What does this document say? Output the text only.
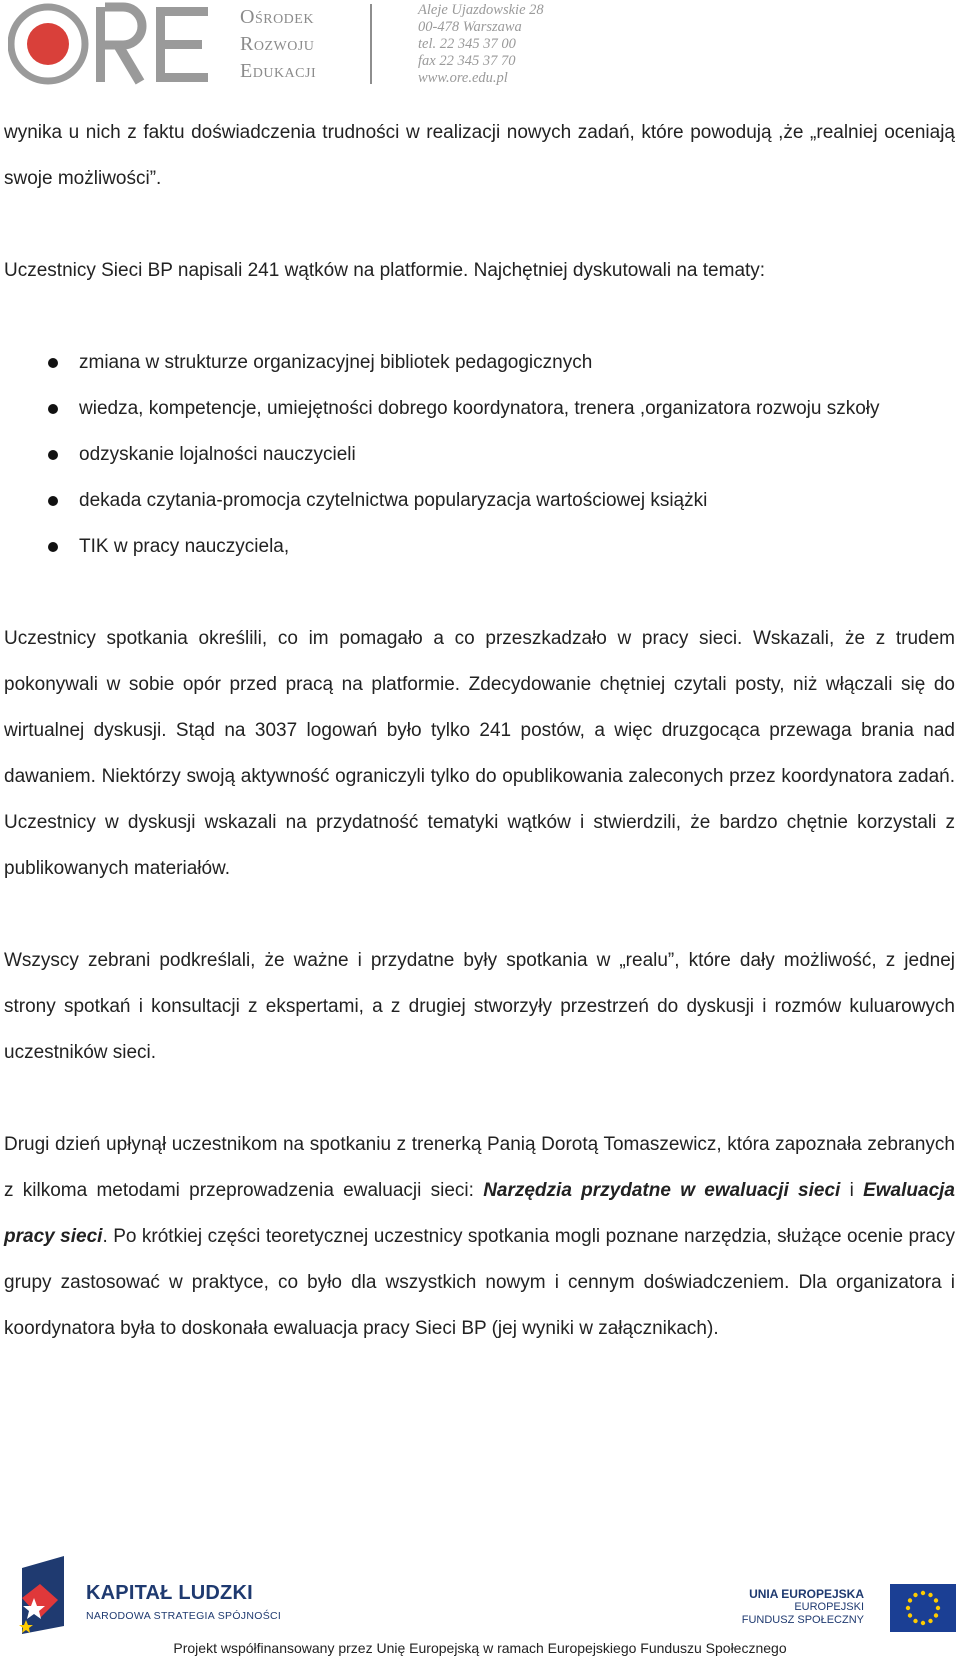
Ośrodek
Rozwoju
Edukacji
Aleje Ujazdowskie 28
00-478 Warszawa
tel. 22 345 37 00
fax 22 345 37 70
www.ore.edu.pl

wynika u nich z faktu doświadczenia trudności w realizacji nowych zadań, które powodują ,że „realniej oceniają swoje możliwości”.

Uczestnicy Sieci BP napisali 241 wątków na platformie. Najchętniej dyskutowali na tematy:

zmiana w strukturze organizacyjnej bibliotek pedagogicznych
wiedza, kompetencje, umiejętności dobrego koordynatora, trenera ,organizatora rozwoju szkoły
odzyskanie lojalności nauczycieli
dekada czytania-promocja czytelnictwa popularyzacja wartościowej książki
TIK w pracy nauczyciela,

Uczestnicy spotkania określili, co im pomagało a co przeszkadzało w pracy sieci. Wskazali, że z trudem pokonywali w sobie opór przed pracą na platformie. Zdecydowanie chętniej czytali posty, niż włączali się do wirtualnej dyskusji. Stąd na 3037 logowań było tylko 241 postów, a więc druzgocąca przewaga brania nad dawaniem. Niektórzy swoją aktywność ograniczyli tylko do opublikowania zaleconych przez koordynatora zadań. Uczestnicy w dyskusji wskazali na przydatność tematyki wątków i stwierdzili, że bardzo chętnie korzystali z publikowanych materiałów.

Wszyscy zebrani podkreślali, że ważne i przydatne były spotkania w „realu”, które dały możliwość, z jednej strony spotkań i konsultacji z ekspertami, a z drugiej stworzyły przestrzeń do dyskusji i rozmów kuluarowych uczestników sieci.

Drugi dzień upłynął uczestnikom na spotkaniu z trenerką Panią Dorotą Tomaszewicz, która zapoznała zebranych z kilkoma metodami przeprowadzenia ewaluacji sieci: Narzędzia przydatne w ewaluacji sieci i Ewaluacja pracy sieci. Po krótkiej części teoretycznej uczestnicy spotkania mogli poznane narzędzia, służące ocenie pracy grupy zastosować w praktyce, co było dla wszystkich nowym i cennym doświadczeniem. Dla organizatora i koordynatora była to doskonała ewaluacja pracy Sieci BP (jej wyniki w załącznikach).

KAPITAŁ LUDZKI
NARODOWA STRATEGIA SPÓJNOŚCI
UNIA EUROPEJSKA
EUROPEJSKI
FUNDUSZ SPOŁECZNY
Projekt współfinansowany przez Unię Europejską w ramach Europejskiego Funduszu Społecznego
